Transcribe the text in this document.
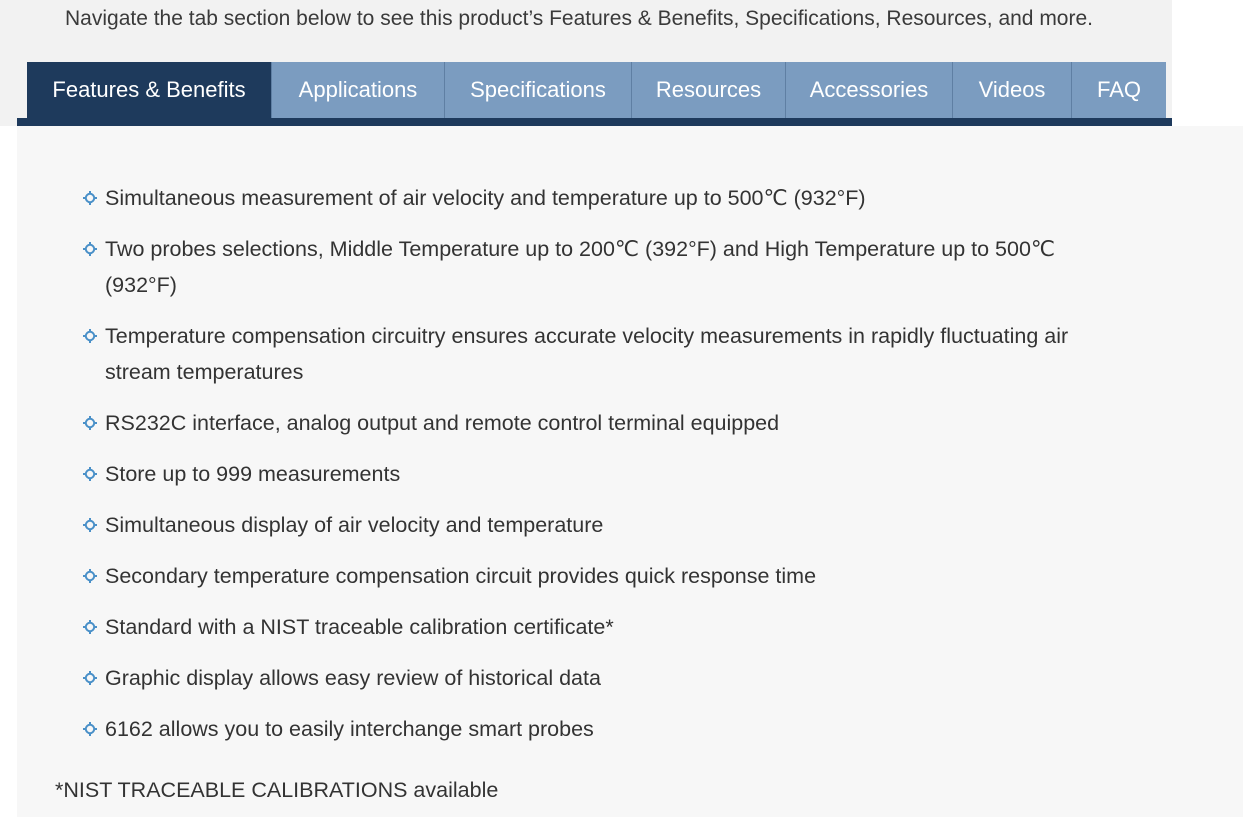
Navigate the tab section below to see this product’s Features & Benefits, Specifications, Resources, and more.
Features & Benefits	Applications	Specifications	Resources	Accessories	Videos	FAQ
Simultaneous measurement of air velocity and temperature up to 500℃ (932°F)
Two probes selections, Middle Temperature up to 200℃ (392°F) and High Temperature up to 500℃ (932°F)
Temperature compensation circuitry ensures accurate velocity measurements in rapidly fluctuating air stream temperatures
RS232C interface, analog output and remote control terminal equipped
Store up to 999 measurements
Simultaneous display of air velocity and temperature
Secondary temperature compensation circuit provides quick response time
Standard with a NIST traceable calibration certificate*
Graphic display allows easy review of historical data
6162 allows you to easily interchange smart probes
*NIST TRACEABLE CALIBRATIONS available
